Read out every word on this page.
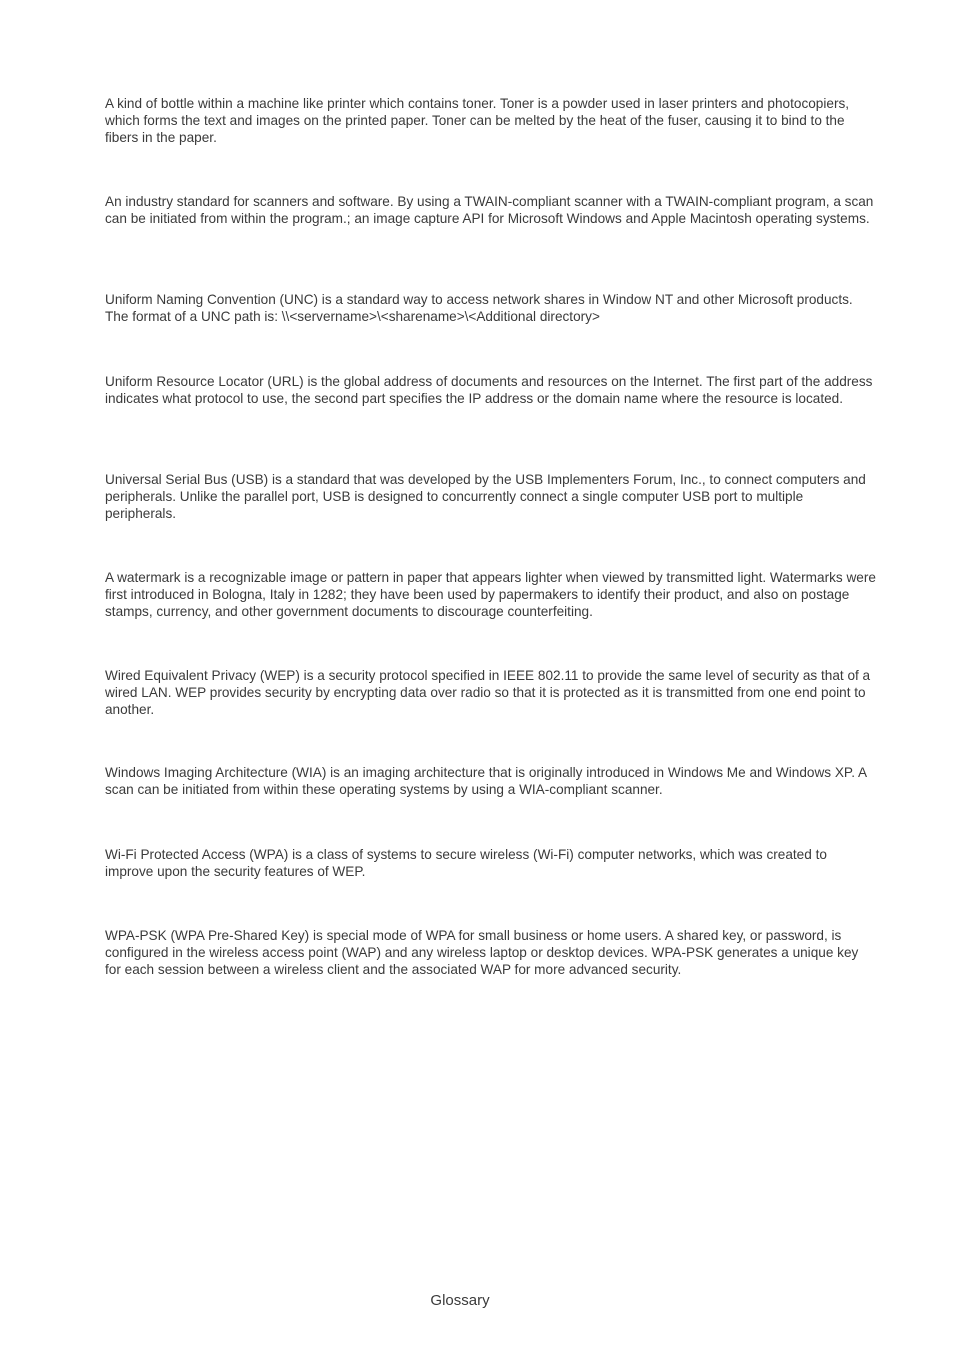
A kind of bottle within a machine like printer which contains toner. Toner is a powder used in laser printers and photocopiers, which forms the text and images on the printed paper. Toner can be melted by the heat of the fuser, causing it to bind to the fibers in the paper.

An industry standard for scanners and software. By using a TWAIN-compliant scanner with a TWAIN-compliant program, a scan can be initiated from within the program.; an image capture API for Microsoft Windows and Apple Macintosh operating systems.

Uniform Naming Convention (UNC) is a standard way to access network shares in Window NT and other Microsoft products. The format of a UNC path is: \\<servername>\<sharename>\<Additional directory>

Uniform Resource Locator (URL) is the global address of documents and resources on the Internet. The first part of the address indicates what protocol to use, the second part specifies the IP address or the domain name where the resource is located.

Universal Serial Bus (USB) is a standard that was developed by the USB Implementers Forum, Inc., to connect computers and peripherals. Unlike the parallel port, USB is designed to concurrently connect a single computer USB port to multiple peripherals.

A watermark is a recognizable image or pattern in paper that appears lighter when viewed by transmitted light. Watermarks were first introduced in Bologna, Italy in 1282; they have been used by papermakers to identify their product, and also on postage stamps, currency, and other government documents to discourage counterfeiting.

Wired Equivalent Privacy (WEP) is a security protocol specified in IEEE 802.11 to provide the same level of security as that of a wired LAN. WEP provides security by encrypting data over radio so that it is protected as it is transmitted from one end point to another.

Windows Imaging Architecture (WIA) is an imaging architecture that is originally introduced in Windows Me and Windows XP. A scan can be initiated from within these operating systems by using a WIA-compliant scanner.

Wi-Fi Protected Access (WPA) is a class of systems to secure wireless (Wi-Fi) computer networks, which was created to improve upon the security features of WEP.

WPA-PSK (WPA Pre-Shared Key) is special mode of WPA for small business or home users. A shared key, or password, is configured in the wireless access point (WAP) and any wireless laptop or desktop devices. WPA-PSK generates a unique key for each session between a wireless client and the associated WAP for more advanced security.

Glossary
